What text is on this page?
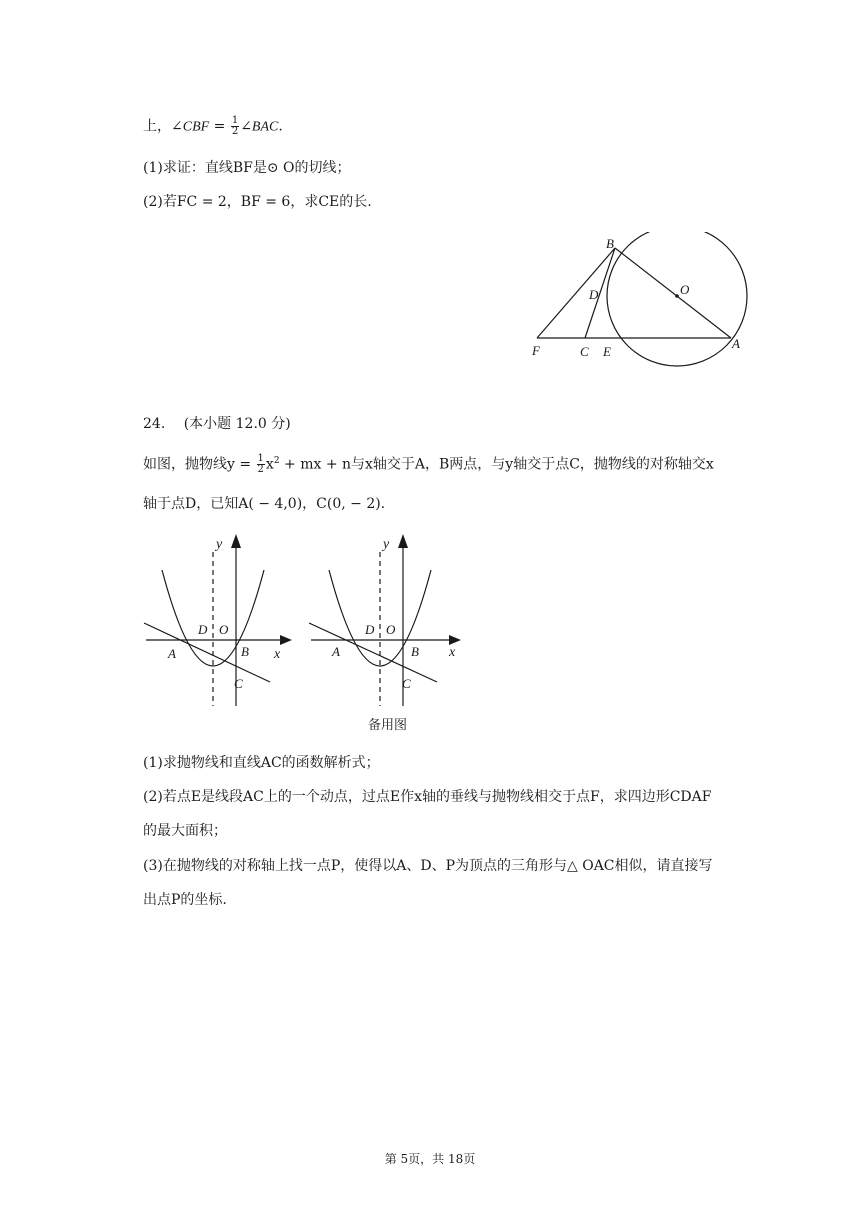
上，∠CBF = $\frac{1}{2}$ ∠BAC.
(1)求证：直线BF是⊙ O的切线；
(2)若FC = 2，BF = 6，求CE的长.
B
O
D
F	C E
A
24. (本小题 12.0 分)
如图，抛物线$y = \frac{1}{2} x^2$ + mx + n与x轴交于A，B两点，与y轴交于点C，抛物线的对称轴交x
轴于点D，已知A( − 4,0)，C(0, − 2).
y
x
D O
A	B
C
y
x
D O
A	B
C
备用图
(1)求抛物线和直线AC的函数解析式；
(2)若点E是线段AC上的一个动点，过点E作x轴的垂线与抛物线相交于点F，求四边形CDAF
的最大面积；
(3)在抛物线的对称轴上找一点P，使得以A、D、P为顶点的三角形与△ OAC相似，请直接写
出点P的坐标.
第 5页，共 18页
